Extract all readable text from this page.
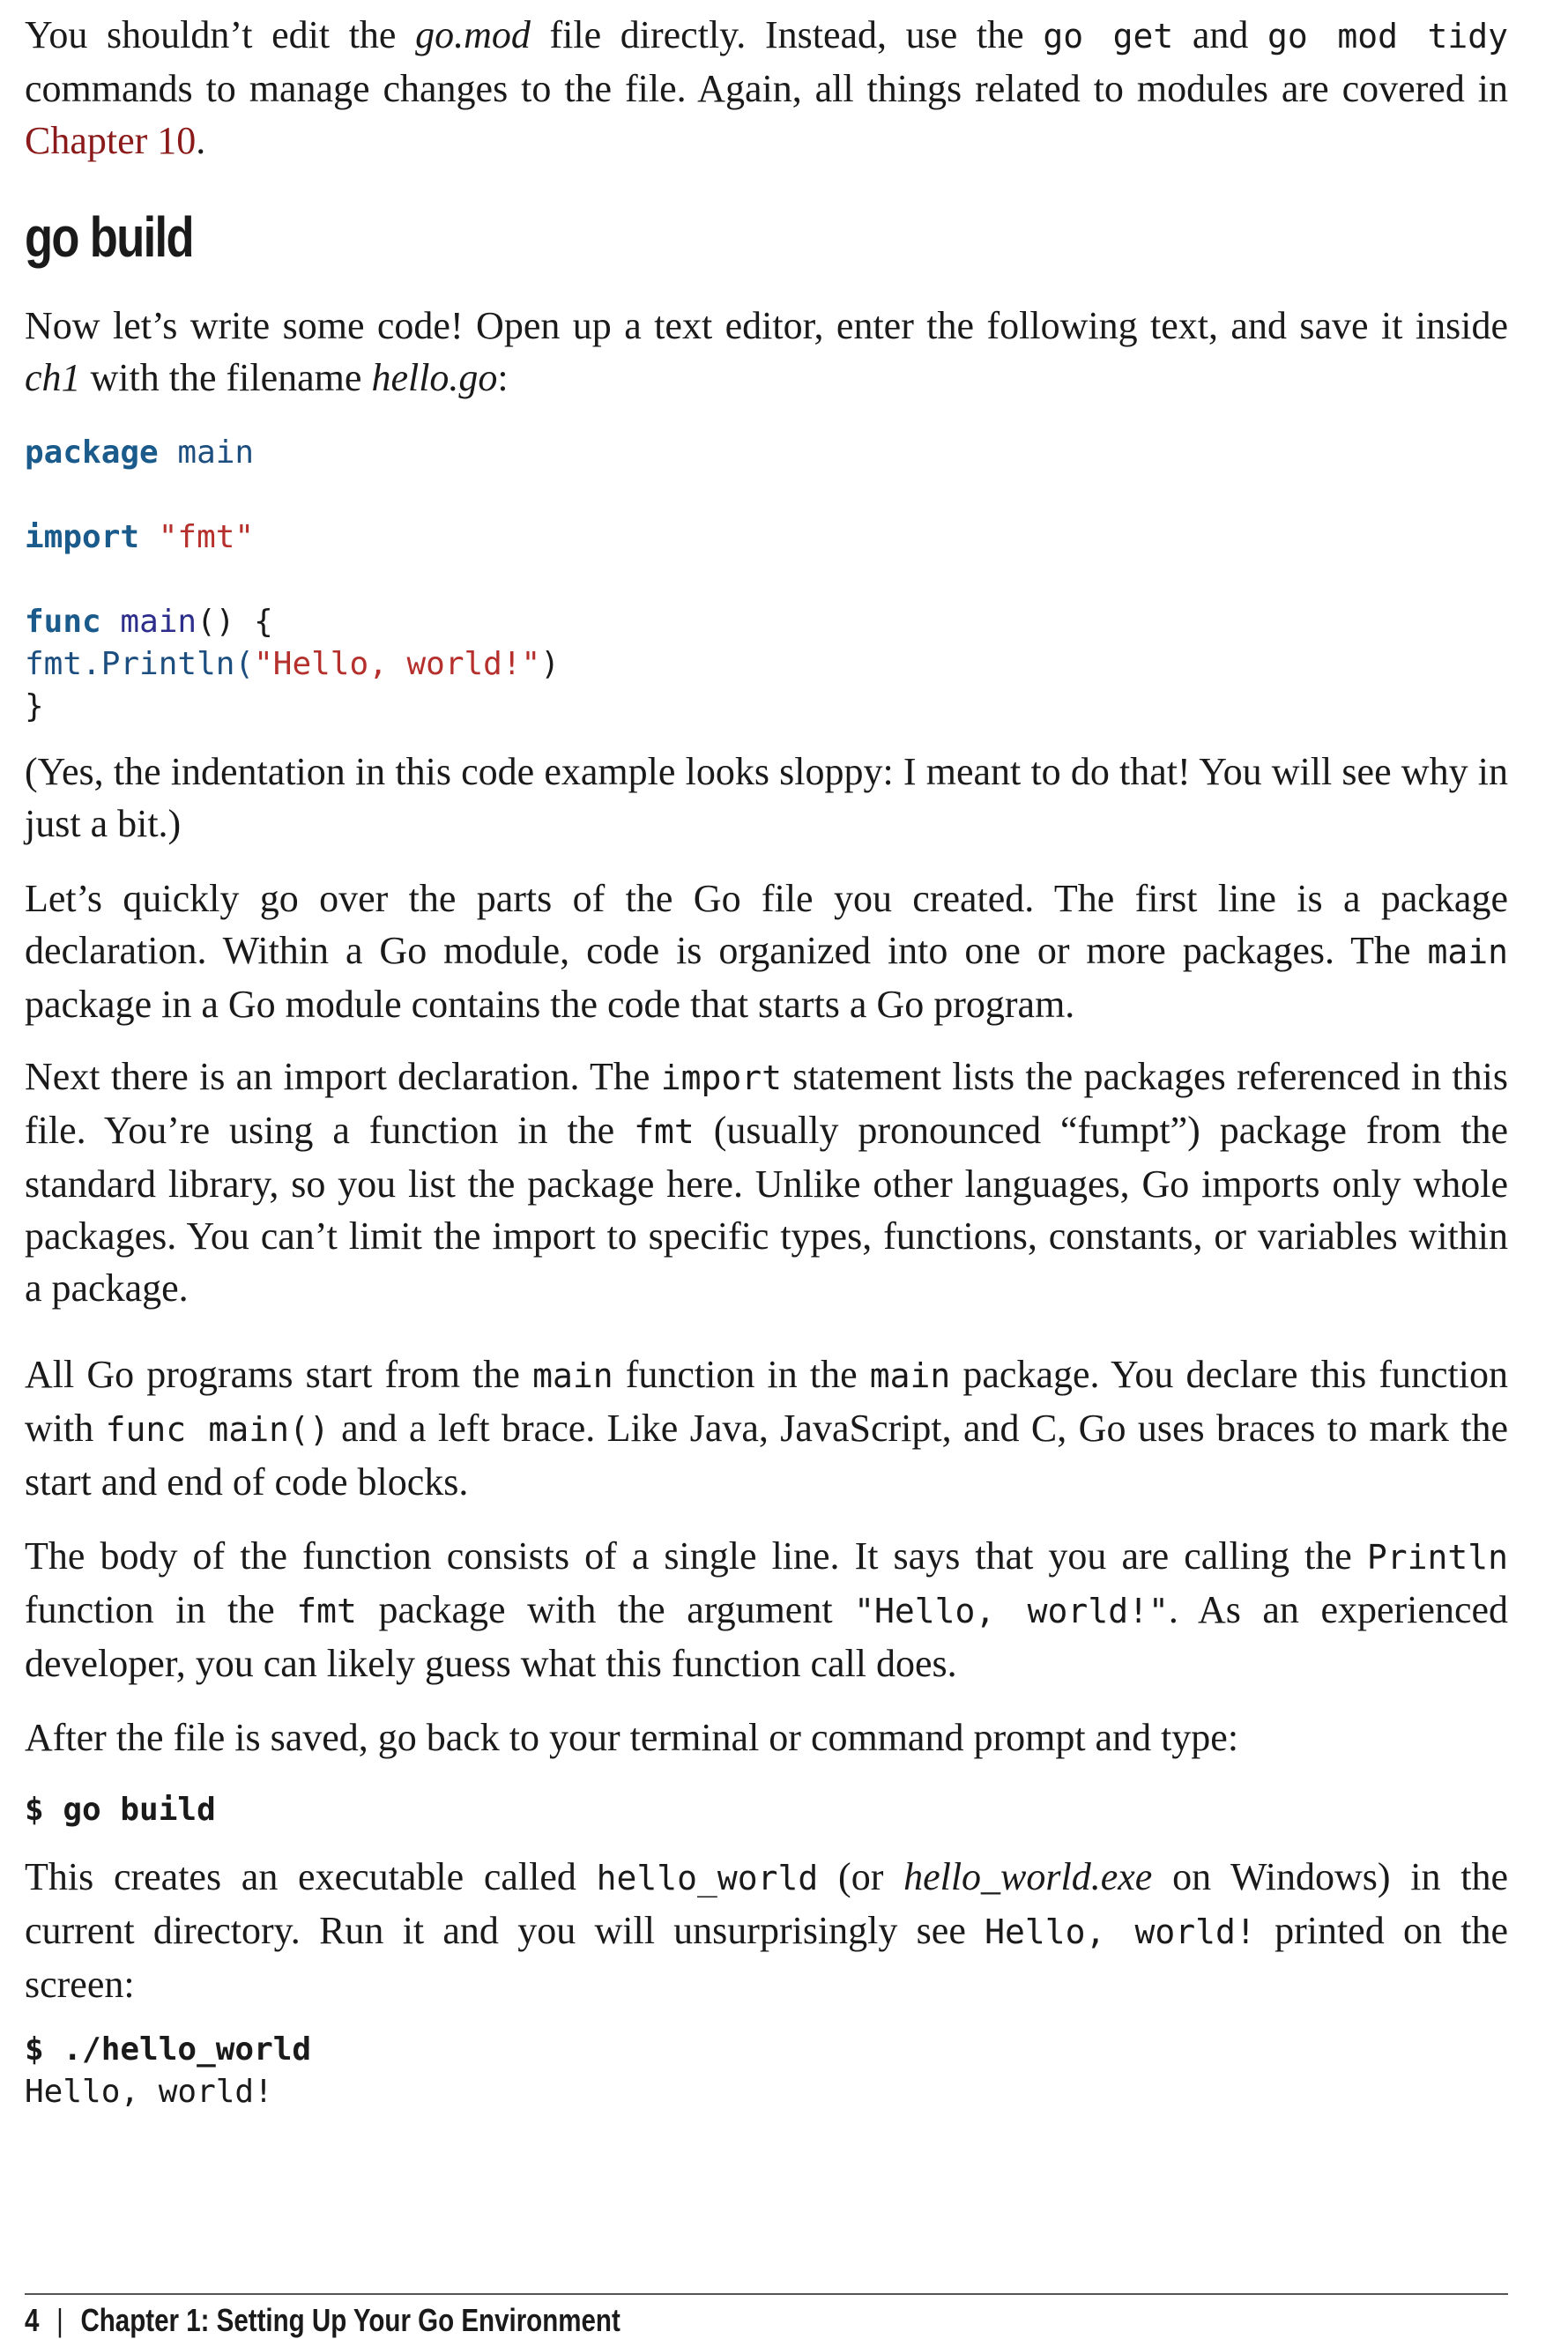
You shouldn’t edit the go.mod file directly. Instead, use the go get and go mod tidy commands to manage changes to the file. Again, all things related to modules are covered in Chapter 10.

go build

Now let’s write some code! Open up a text editor, enter the following text, and save it inside ch1 with the filename hello.go:

package main

import "fmt"

func main() {
fmt.Println("Hello, world!")
}

(Yes, the indentation in this code example looks sloppy: I meant to do that! You will see why in just a bit.)

Let’s quickly go over the parts of the Go file you created. The first line is a package declaration. Within a Go module, code is organized into one or more packages. The main package in a Go module contains the code that starts a Go program.

Next there is an import declaration. The import statement lists the packages referenced in this file. You’re using a function in the fmt (usually pronounced “fumpt”) package from the standard library, so you list the package here. Unlike other languages, Go imports only whole packages. You can’t limit the import to specific types, functions, constants, or variables within a package.

All Go programs start from the main function in the main package. You declare this function with func main() and a left brace. Like Java, JavaScript, and C, Go uses braces to mark the start and end of code blocks.

The body of the function consists of a single line. It says that you are calling the Println function in the fmt package with the argument "Hello, world!". As an experienced developer, you can likely guess what this function call does.

After the file is saved, go back to your terminal or command prompt and type:

$ go build

This creates an executable called hello_world (or hello_world.exe on Windows) in the current directory. Run it and you will unsurprisingly see Hello, world! printed on the screen:

$ ./hello_world
Hello, world!
4 | Chapter 1: Setting Up Your Go Environment
